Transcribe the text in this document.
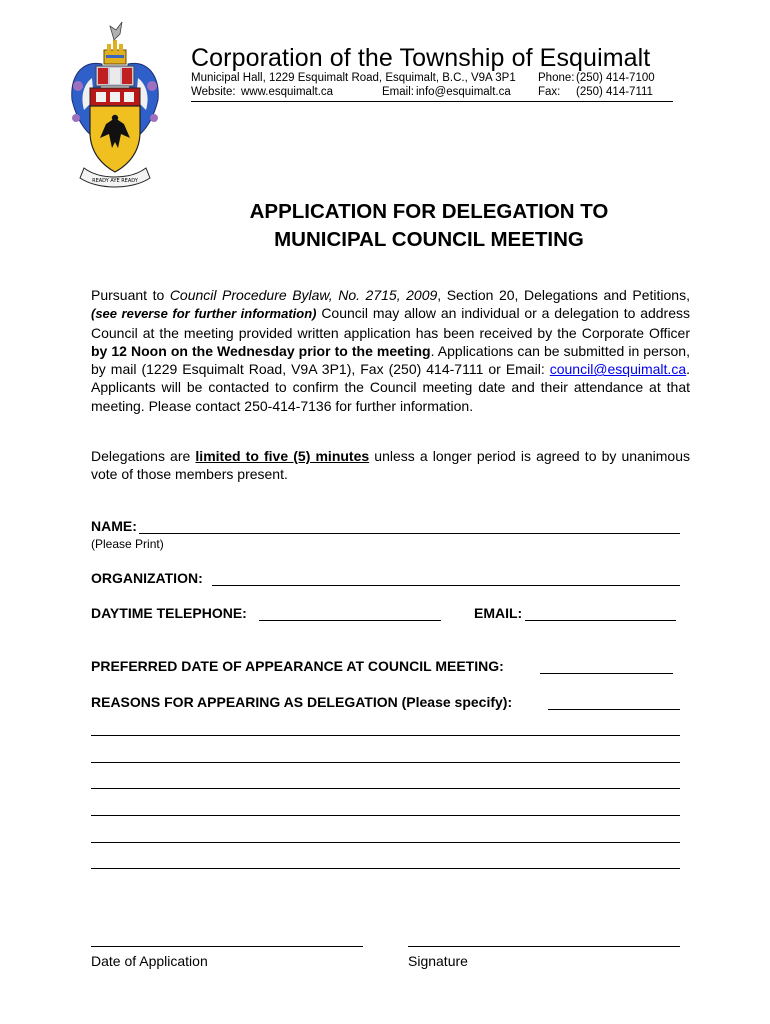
READY AYE READY
Corporation of the Township of Esquimalt
Municipal Hall, 1229 Esquimalt Road, Esquimalt, B.C., V9A 3P1 Phone: (250) 414-7100
Website: www.esquimalt.ca	Email: info@esquimalt.ca Fax: (250) 414-7111
APPLICATION FOR DELEGATION TO
MUNICIPAL COUNCIL MEETING
Pursuant to Council Procedure Bylaw, No. 2715, 2009, Section 20, Delegations and Petitions, (see reverse for further information) Council may allow an individual or a delegation to address Council at the meeting provided written application has been received by the Corporate Officer by 12 Noon on the Wednesday prior to the meeting. Applications can be submitted in person, by mail (1229 Esquimalt Road, V9A 3P1), Fax (250) 414-7111 or Email: council@esquimalt.ca. Applicants will be contacted to confirm the Council meeting date and their attendance at that meeting. Please contact 250-414-7136 for further information.
Delegations are limited to five (5) minutes unless a longer period is agreed to by unanimous vote of those members present.
NAME:
(Please Print)
ORGANIZATION:
DAYTIME TELEPHONE:	EMAIL:
PREFERRED DATE OF APPEARANCE AT COUNCIL MEETING:
REASONS FOR APPEARING AS DELEGATION (Please specify):
Date of Application	Signature
